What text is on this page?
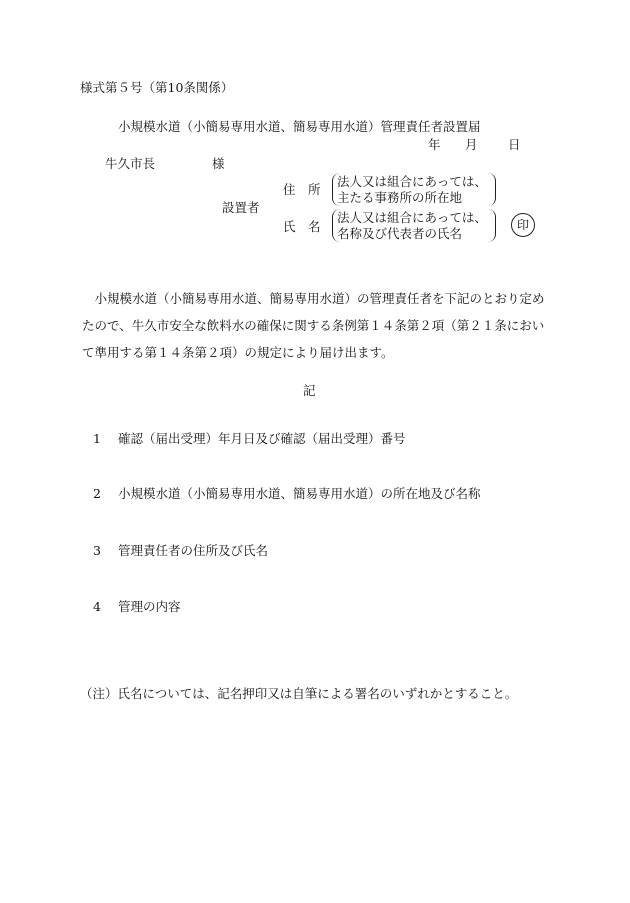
様式第５号（第10条関係）
小規模水道（小簡易専用水道、簡易専用水道）管理責任者設置届
年 月 日
牛久市長	様
設置者
住　所
法人又は組合にあっては、
主たる事務所の所在地
氏　名
法人又は組合にあっては、
名称及び代表者の氏名
印
　小規模水道（小簡易専用水道、簡易専用水道）の管理責任者を下記のとおり定めたので、牛久市安全な飲料水の確保に関する条例第１４条第２項（第２１条において準用する第１４条第２項）の規定により届け出ます。
記
1 確認（届出受理）年月日及び確認（届出受理）番号
2 小規模水道（小簡易専用水道、簡易専用水道）の所在地及び名称
3 管理責任者の住所及び氏名
4 管理の内容
（注）氏名については、記名押印又は自筆による署名のいずれかとすること。
